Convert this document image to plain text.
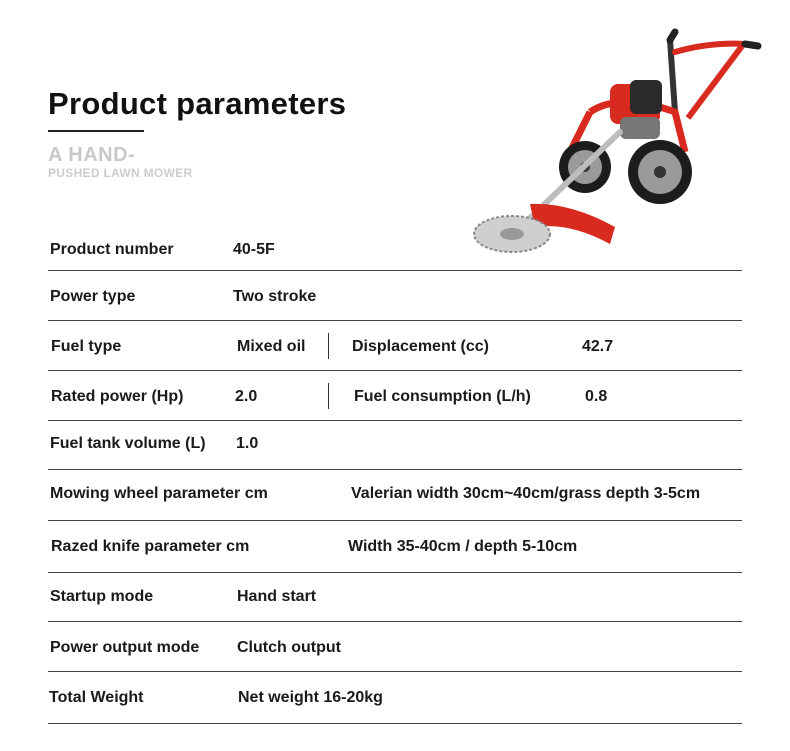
Product parameters
A HAND-
PUSHED LAWN MOWER
Product number	40-5F
Power type	Two stroke
Fuel type	Mixed oil	Displacement (cc)	42.7
Rated power (Hp)	2.0	Fuel consumption (L/h)	0.8
Fuel tank volume (L) 1.0
Mowing wheel parameter cm	Valerian width 30cm~40cm/grass depth 3-5cm
Razed knife parameter cm	Width 35-40cm / depth 5-10cm
Startup mode	Hand start
Power output mode Clutch output
Total Weight	Net weight 16-20kg
